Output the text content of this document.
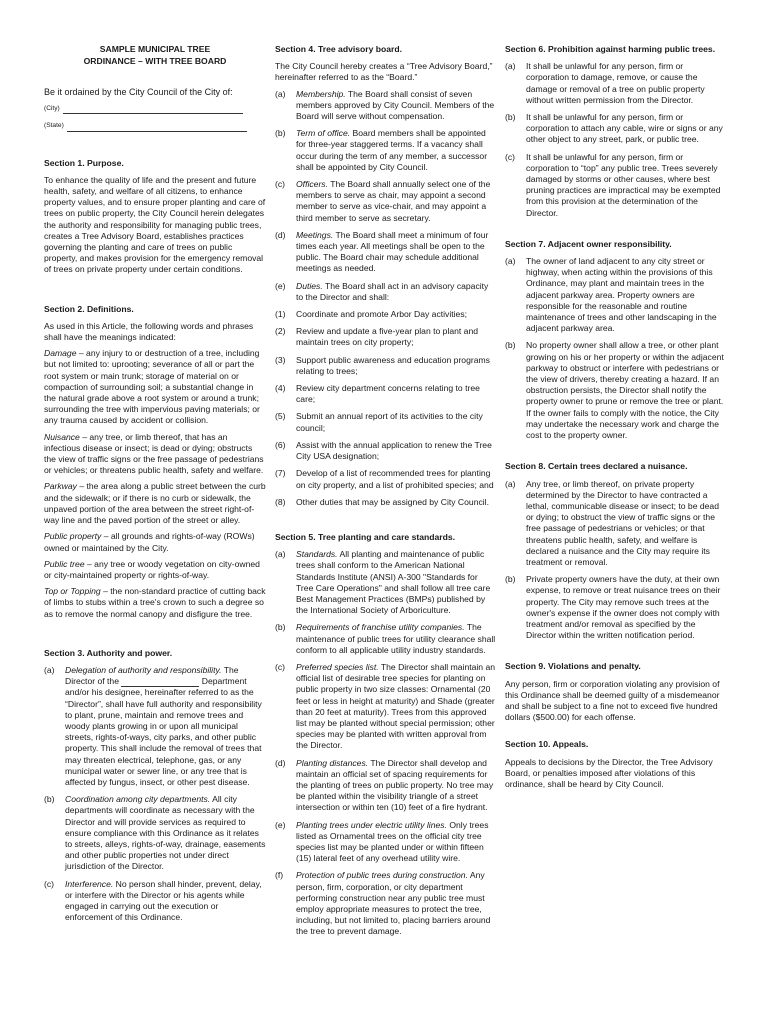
SAMPLE MUNICIPAL TREE
ORDINANCE – WITH TREE BOARD
Be it ordained by the City Council of the City of:
(City)
(State)
Section 1. Purpose.

To enhance the quality of life and the present and future health, safety, and welfare of all citizens, to enhance property values, and to ensure proper planting and care of trees on public property, the City Council herein delegates the authority and responsibility for managing public trees, creates a Tree Advisory Board, establishes practices governing the planting and care of trees on public property, and makes provision for the emergency removal of trees on private property under certain conditions.

Section 2. Definitions.

As used in this Article, the following words and phrases shall have the meanings indicated:

Damage – any injury to or destruction of a tree, including but not limited to: uprooting; severance of all or part the root system or main trunk; storage of material on or compaction of surrounding soil; a substantial change in the natural grade above a root system or around a trunk; surrounding the tree with impervious paving materials; or any trauma caused by accident or collision.
Nuisance – any tree, or limb thereof, that has an infectious disease or insect; is dead or dying; obstructs the view of traffic signs or the free passage of pedestrians or vehicles; or threatens public health, safety and welfare.
Parkway – the area along a public street between the curb and the sidewalk; or if there is no curb or sidewalk, the unpaved portion of the area between the street right-of-way line and the paved portion of the street or alley.
Public property – all grounds and rights-of-way (ROWs) owned or maintained by the City.
Public tree – any tree or woody vegetation on city-owned or city-maintained property or rights-of-way.
Top or Topping – the non-standard practice of cutting back of limbs to stubs within a tree's crown to such a degree so as to remove the normal canopy and disfigure the tree.
Section 3. Authority and power.
(a)	Delegation of authority and responsibility. The Director of the	Department and/or his designee, hereinafter referred to as the “Director”, shall have full authority and responsibility to plant, prune, maintain and remove trees and woody plants growing in or upon all municipal streets, rights-of-ways, city parks, and other public property. This shall include the removal of trees that may threaten electrical, telephone, gas, or any municipal water or sewer line, or any tree that is affected by fungus, insect, or other pest disease.
(b)	Coordination among city departments. All city departments will coordinate as necessary with the Director and will provide services as required to ensure compliance with this Ordinance as it relates to streets, alleys, rights-of-way, drainage, easements and other public properties not under direct jurisdiction of the Director.
(c)	Interference. No person shall hinder, prevent, delay, or interfere with the Director or his agents while engaged in carrying out the execution or enforcement of this Ordinance.
Section 4. Tree advisory board.

The City Council hereby creates a “Tree Advisory Board,” hereinafter referred to as the “Board.”

(a)	Membership. The Board shall consist of seven members approved by City Council. Members of the Board will serve without compensation.
(b)	Term of office. Board members shall be appointed for three-year staggered terms. If a vacancy shall occur during the term of any member, a successor shall be appointed by City Council.
(c)	Officers. The Board shall annually select one of the members to serve as chair, may appoint a second member to serve as vice-chair, and may appoint a third member to serve as secretary.
(d)	Meetings. The Board shall meet a minimum of four times each year. All meetings shall be open to the public. The Board chair may schedule additional meetings as needed.
(e)	Duties. The Board shall act in an advisory capacity to the Director and shall:
(1)	Coordinate and promote Arbor Day activities;
(2)	Review and update a five-year plan to plant and maintain trees on city property;
(3)	Support public awareness and education programs relating to trees;
(4)	Review city department concerns relating to tree care;
(5)	Submit an annual report of its activities to the city council;
(6)	Assist with the annual application to renew the Tree City USA designation;
(7)	Develop of a list of recommended trees for planting on city property, and a list of prohibited species; and
(8)	Other duties that may be assigned by City Council.
Section 5. Tree planting and care standards.
(a)	Standards. All planting and maintenance of public trees shall conform to the American National Standards Institute (ANSI) A-300 "Standards for Tree Care Operations" and shall follow all tree care Best Management Practices (BMPs) published by the International Society of Arboriculture.
(b)	Requirements of franchise utility companies. The maintenance of public trees for utility clearance shall conform to all applicable utility industry standards.
(c)	Preferred species list. The Director shall maintain an official list of desirable tree species for planting on public property in two size classes: Ornamental (20 feet or less in height at maturity) and Shade (greater than 20 feet at maturity). Trees from this approved list may be planted without special permission; other species may be planted with written approval from the Director.
(d)	Planting distances. The Director shall develop and maintain an official set of spacing requirements for the planting of trees on public property. No tree may be planted within the visibility triangle of a street intersection or within ten (10) feet of a fire hydrant.
(e)	Planting trees under electric utility lines. Only trees listed as Ornamental trees on the official city tree species list may be planted under or within fifteen (15) lateral feet of any overhead utility wire.
(f)	Protection of public trees during construction. Any person, firm, corporation, or city department performing construction near any public tree must employ appropriate measures to protect the tree, including, but not limited to, placing barriers around the tree to prevent damage.
Section 6. Prohibition against harming public trees.
(a)	It shall be unlawful for any person, firm or corporation to damage, remove, or cause the damage or removal of a tree on public property without written permission from the Director.
(b)	It shall be unlawful for any person, firm or corporation to attach any cable, wire or signs or any other object to any street, park, or public tree.
(c)	It shall be unlawful for any person, firm or corporation to “top” any public tree. Trees severely damaged by storms or other causes, where best pruning practices are impractical may be exempted from this provision at the determination of the Director.
Section 7. Adjacent owner responsibility.
(a)	The owner of land adjacent to any city street or highway, when acting within the provisions of this Ordinance, may plant and maintain trees in the adjacent parkway area. Property owners are responsible for the reasonable and routine maintenance of trees and other landscaping in the adjacent parkway area.
(b)	No property owner shall allow a tree, or other plant growing on his or her property or within the adjacent parkway to obstruct or interfere with pedestrians or the view of drivers, thereby creating a hazard. If an obstruction persists, the Director shall notify the property owner to prune or remove the tree or plant. If the owner fails to comply with the notice, the City may undertake the necessary work and charge the cost to the property owner.
Section 8. Certain trees declared a nuisance.
(a)	Any tree, or limb thereof, on private property determined by the Director to have contracted a lethal, communicable disease or insect; to be dead or dying; to obstruct the view of traffic signs or the free passage of pedestrians or vehicles; or that threatens public health, safety, and welfare is declared a nuisance and the City may require its treatment or removal.
(b)	Private property owners have the duty, at their own expense, to remove or treat nuisance trees on their property. The City may remove such trees at the owner's expense if the owner does not comply with treatment and/or removal as specified by the Director within the written notification period.
Section 9. Violations and penalty.

Any person, firm or corporation violating any provision of this Ordinance shall be deemed guilty of a misdemeanor and shall be subject to a fine not to exceed five hundred dollars ($500.00) for each offense.

Section 10. Appeals.

Appeals to decisions by the Director, the Tree Advisory Board, or penalties imposed after violations of this ordinance, shall be heard by City Council.
